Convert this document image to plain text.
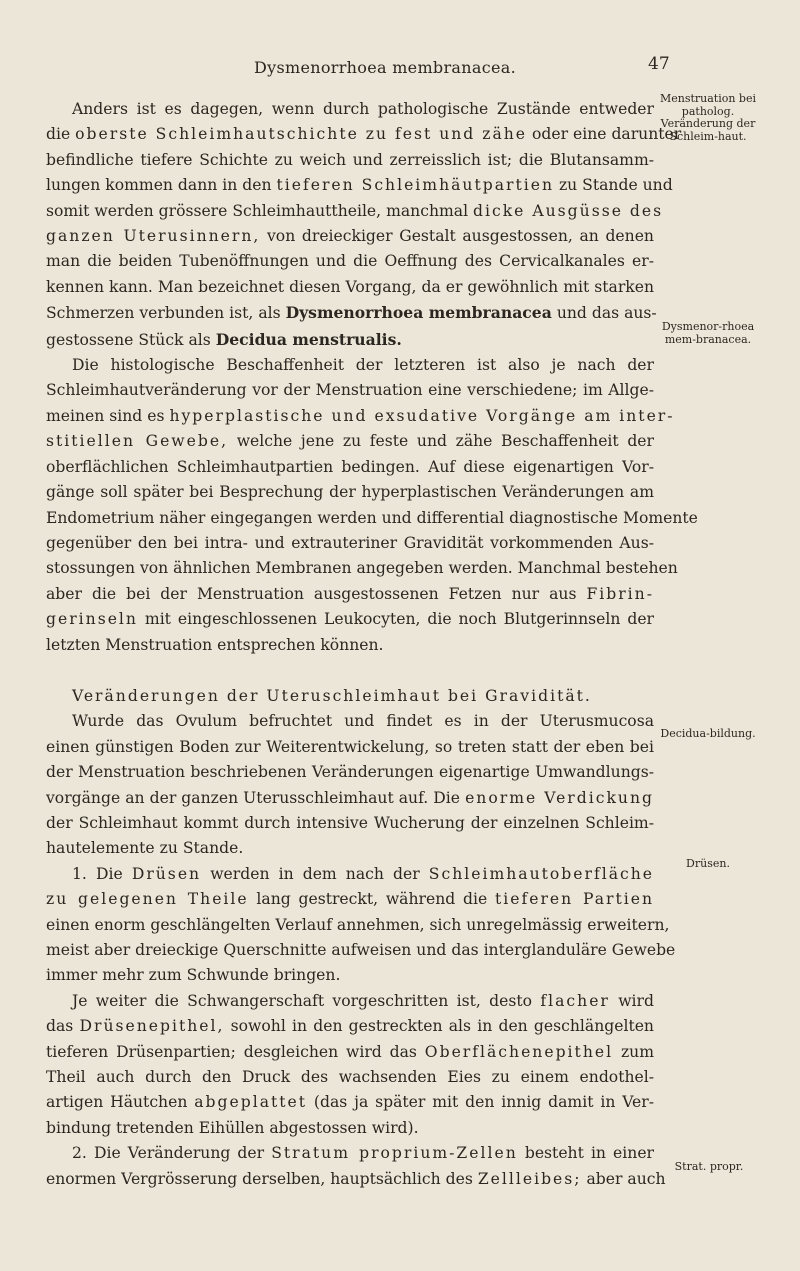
Dysmenorrhoea membranacea.	47
Menstruation bei patholog. Veränderung der Schleim-haut.
Dysmenor-rhoea mem-branacea.
Decidua-bildung.
Drüsen.
Strat. propr.

Anders ist es dagegen, wenn durch pathologische Zustände entweder
die oberste Schleimhautschichte zu fest und zähe oder eine darunter
befindliche tiefere Schichte zu weich und zerreisslich ist; die Blutansamm-
lungen kommen dann in den tieferen Schleimhäutpartien zu Stande und
somit werden grössere Schleimhauttheile, manchmal dicke Ausgüsse des
ganzen Uterusinnern, von dreieckiger Gestalt ausgestossen, an denen
man die beiden Tubenöffnungen und die Oeffnung des Cervicalkanales er-
kennen kann. Man bezeichnet diesen Vorgang, da er gewöhnlich mit starken
Schmerzen verbunden ist, als Dysmenorrhoea membranacea und das aus-
gestossene Stück als Decidua menstrualis.

Die histologische Beschaffenheit der letzteren ist also je nach der
Schleimhautveränderung vor der Menstruation eine verschiedene; im Allge-
meinen sind es hyperplastische und exsudative Vorgänge am inter-
stitiellen Gewebe, welche jene zu feste und zähe Beschaffenheit der
oberflächlichen Schleimhautpartien bedingen. Auf diese eigenartigen Vor-
gänge soll später bei Besprechung der hyperplastischen Veränderungen am
Endometrium näher eingegangen werden und differential diagnostische Momente
gegenüber den bei intra- und extrauteriner Gravidität vorkommenden Aus-
stossungen von ähnlichen Membranen angegeben werden. Manchmal bestehen
aber die bei der Menstruation ausgestossenen Fetzen nur aus Fibrin-
gerinseln mit eingeschlossenen Leukocyten, die noch Blutgerinnseln der
letzten Menstruation entsprechen können.

Veränderungen der Uteruschleimhaut bei Gravidität.

Wurde das Ovulum befruchtet und findet es in der Uterusmucosa
einen günstigen Boden zur Weiterentwickelung, so treten statt der eben bei
der Menstruation beschriebenen Veränderungen eigenartige Umwandlungs-
vorgänge an der ganzen Uterusschleimhaut auf. Die enorme Verdickung
der Schleimhaut kommt durch intensive Wucherung der einzelnen Schleim-
hautelemente zu Stande.

1. Die Drüsen werden in dem nach der Schleimhautoberfläche
zu gelegenen Theile lang gestreckt, während die tieferen Partien
einen enorm geschlängelten Verlauf annehmen, sich unregelmässig erweitern,
meist aber dreieckige Querschnitte aufweisen und das interglanduläre Gewebe
immer mehr zum Schwunde bringen.

Je weiter die Schwangerschaft vorgeschritten ist, desto flacher wird
das Drüsenepithel, sowohl in den gestreckten als in den geschlängelten
tieferen Drüsenpartien; desgleichen wird das Oberflächenepithel zum
Theil auch durch den Druck des wachsenden Eies zu einem endothel-
artigen Häutchen abgeplattet (das ja später mit den innig damit in Ver-
bindung tretenden Eihüllen abgestossen wird).

2. Die Veränderung der Stratum proprium-Zellen besteht in einer
enormen Vergrösserung derselben, hauptsächlich des Zellleibes; aber auch
